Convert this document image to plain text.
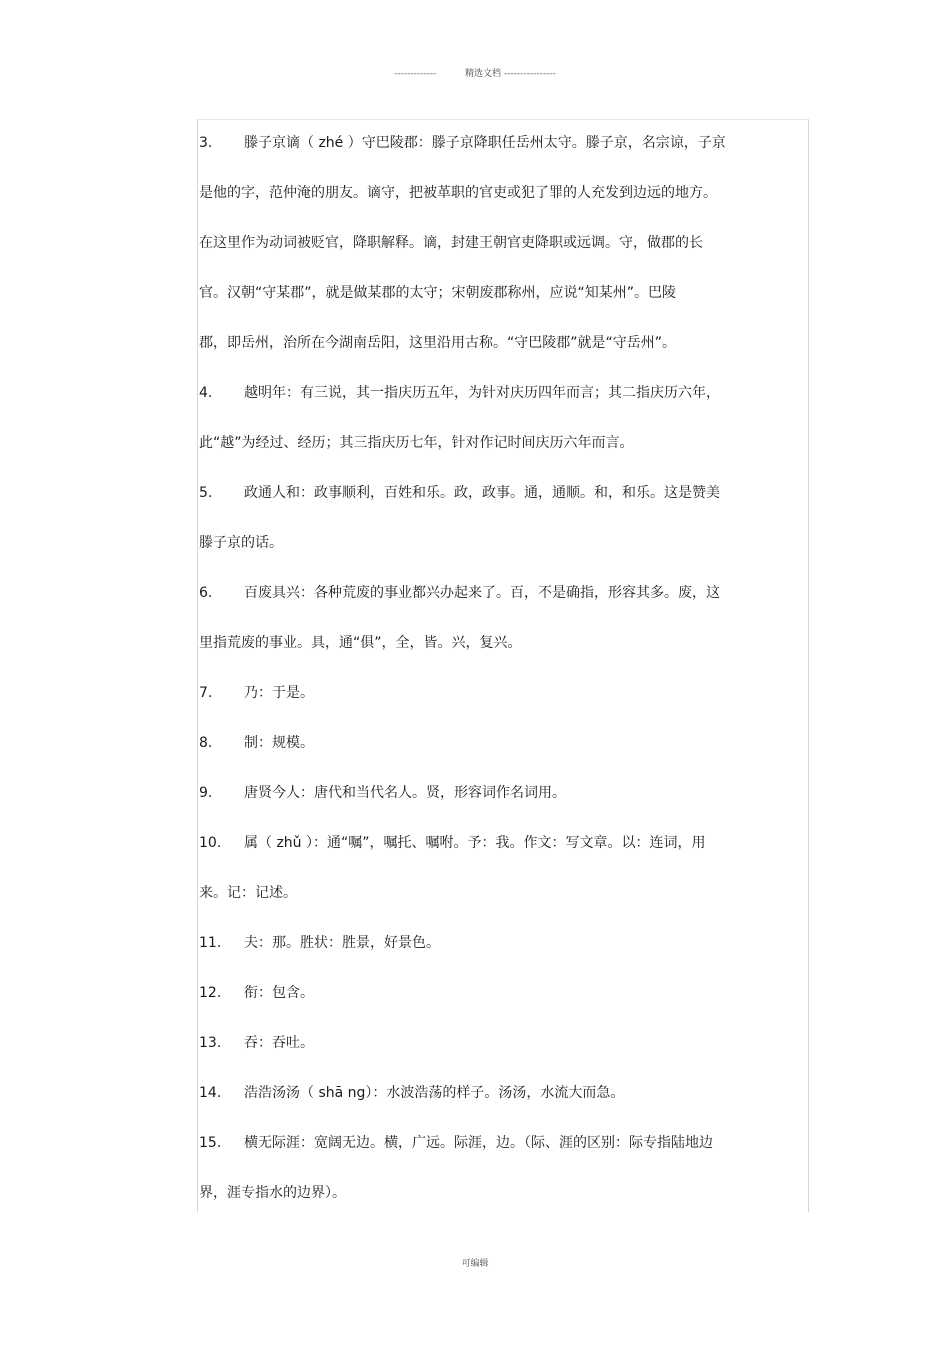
-------------	精选文档 ----------------
3. 滕子京谪（ zhé ）守巴陵郡：滕子京降职任岳州太守。滕子京，名宗谅，子京
是他的字，范仲淹的朋友。谪守，把被革职的官吏或犯了罪的人充发到边远的地方。
在这里作为动词被贬官，降职解释。谪，封建王朝官吏降职或远调。守，做郡的长
官。汉朝“守某郡”，就是做某郡的太守；宋朝废郡称州，应说“知某州”。巴陵
郡，即岳州，治所在今湖南岳阳，这里沿用古称。“守巴陵郡”就是“守岳州”。
4. 越明年：有三说，其一指庆历五年，为针对庆历四年而言；其二指庆历六年，
此“越”为经过、经历；其三指庆历七年，针对作记时间庆历六年而言。
5. 政通人和：政事顺利，百姓和乐。政，政事。通，通顺。和，和乐。这是赞美
滕子京的话。
6. 百废具兴：各种荒废的事业都兴办起来了。百，不是确指，形容其多。废，这
里指荒废的事业。具，通“俱”，全，皆。兴，复兴。
7. 乃：于是。
8. 制：规模。
9. 唐贤今人：唐代和当代名人。贤，形容词作名词用。
10. 属（ zhǔ ）：通“嘱”，嘱托、嘱咐。予：我。作文：写文章。以：连词，用
来。记：记述。
11. 夫：那。胜状：胜景，好景色。
12. 衔：包含。
13. 吞：吞吐。
14. 浩浩汤汤（ shā ng）：水波浩荡的样子。汤汤，水流大而急。
15. 横无际涯：宽阔无边。横，广远。际涯，边。（际、涯的区别：际专指陆地边
界，涯专指水的边界）。
可编辑
